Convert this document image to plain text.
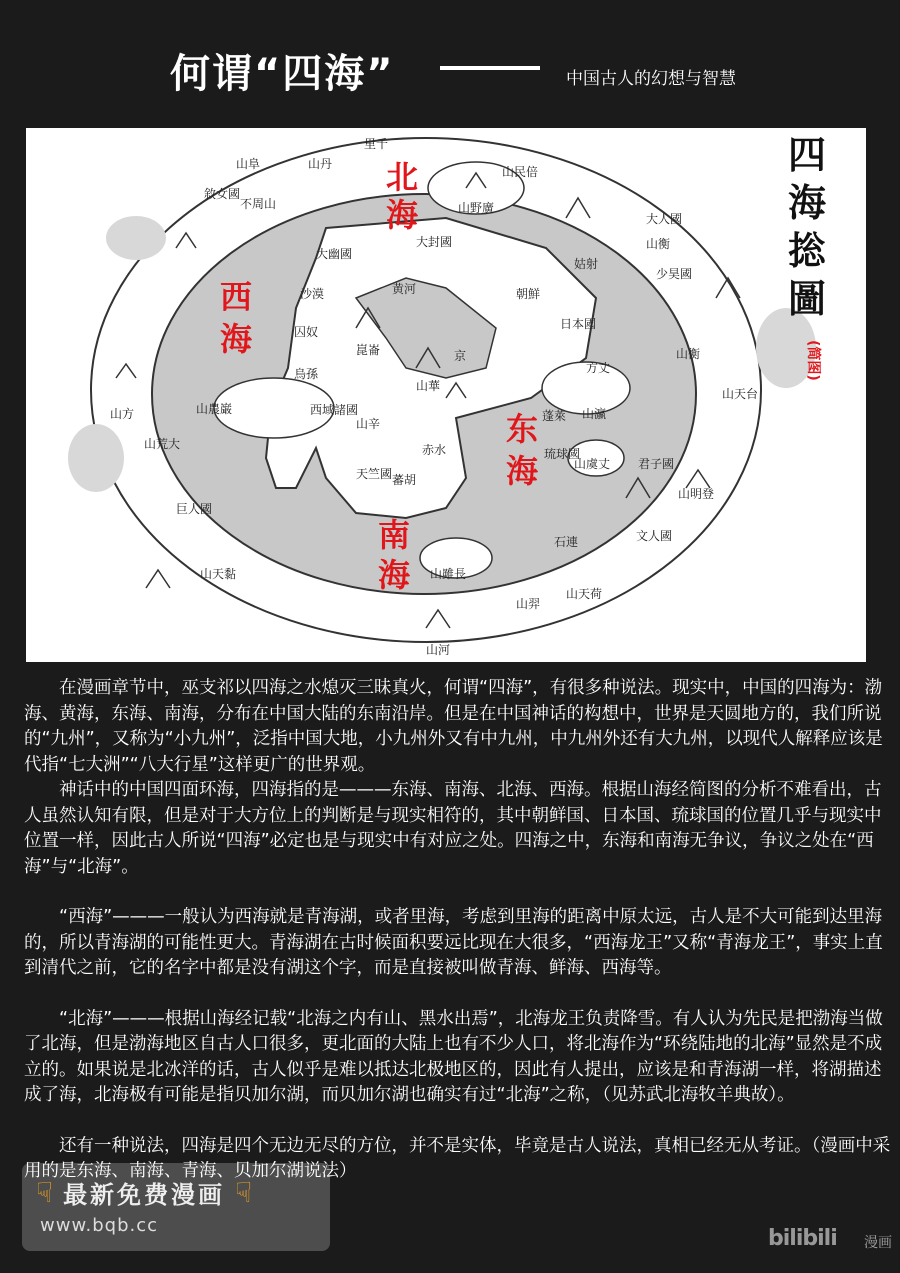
何谓“四海”	中国古人的幻想与智慧
里千
山阜	山丹
山民倍
山野廣
大幽國
大封國
沙漠	黄河
姑射
朝鮮
日本國
崑崙
山華
京
囚奴
烏孫
西域諸國
山農巌
方丈
蓬萊 山瀛
琉球國
山辛
天竺國
赤水
蕃胡
山虞丈 君子國
山明登
巨人國
山荒大
山方
石連	文人國
山天黏	山雖長
山天荷
山羿
山河
山天台
山衡
山衡
大人國
少昊國
敘女國
不周山
北
海
西
海
东
海
南
海
四
海
捴
圖
(简图)

在漫画章节中，巫支祁以四海之水熄灭三昧真火，何谓“四海”，有很多种说法。现实中，中国的四海为：渤海、黄海，东海、南海，分布在中国大陆的东南沿岸。但是在中国神话的构想中，世界是天圆地方的，我们所说的“九州”，又称为“小九州”，泛指中国大地，小九州外又有中九州，中九州外还有大九州，以现代人解释应该是代指“七大洲”“八大行星”这样更广的世界观。

神话中的中国四面环海，四海指的是———东海、南海、北海、西海。根据山海经简图的分析不难看出，古人虽然认知有限，但是对于大方位上的判断是与现实相符的，其中朝鲜国、日本国、琉球国的位置几乎与现实中位置一样，因此古人所说“四海”必定也是与现实中有对应之处。四海之中，东海和南海无争议，争议之处在“西海”与“北海”。

“西海”———一般认为西海就是青海湖，或者里海，考虑到里海的距离中原太远，古人是不大可能到达里海的，所以青海湖的可能性更大。青海湖在古时候面积要远比现在大很多，“西海龙王”又称“青海龙王”，事实上直到清代之前，它的名字中都是没有湖这个字，而是直接被叫做青海、鲜海、西海等。

“北海”———根据山海经记载“北海之内有山、黑水出焉”，北海龙王负责降雪。有人认为先民是把渤海当做了北海，但是渤海地区自古人口很多，更北面的大陆上也有不少人口，将北海作为“环绕陆地的北海”显然是不成立的。如果说是北冰洋的话，古人似乎是难以抵达北极地区的，因此有人提出，应该是和青海湖一样，将湖描述成了海，北海极有可能是指贝加尔湖，而贝加尔湖也确实有过“北海”之称，（见苏武北海牧羊典故）。

还有一种说法，四海是四个无边无尽的方位，并不是实体，毕竟是古人说法，真相已经无从考证。（漫画中采用的是东海、南海、青海、贝加尔湖说法）

☟ 最新免费漫画 ☟
www.bqb.cc
bilibili 漫画
